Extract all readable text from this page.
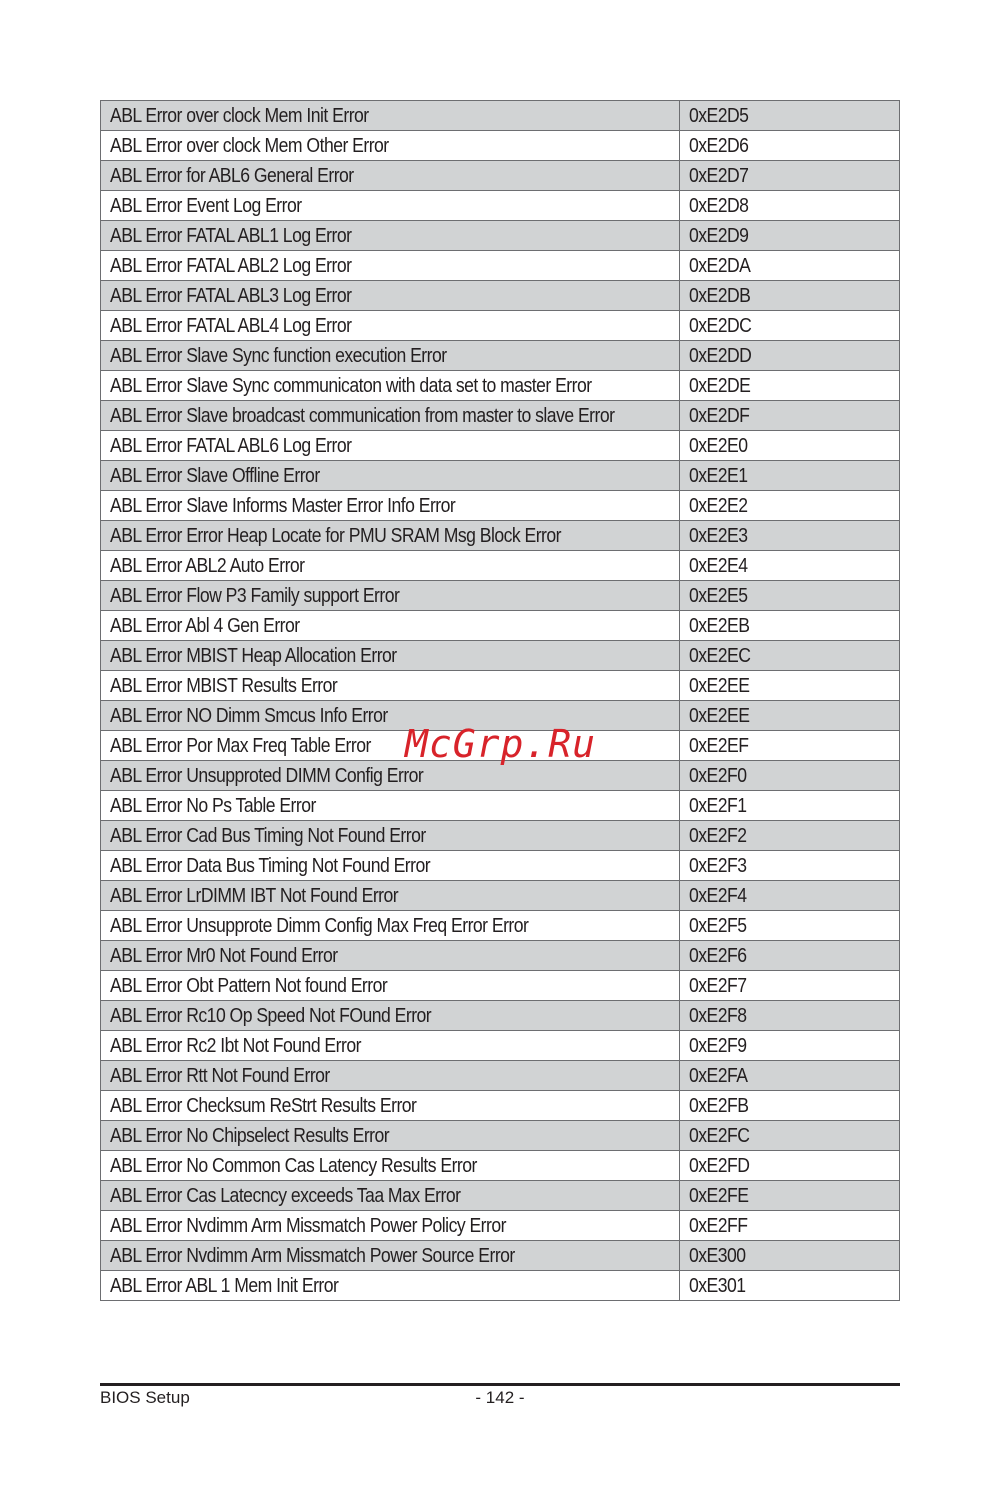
ABL Error over clock Mem Init Error	0xE2D5
ABL Error over clock Mem Other Error	0xE2D6
ABL Error for ABL6 General Error	0xE2D7
ABL Error Event Log Error	0xE2D8
ABL Error FATAL ABL1 Log Error	0xE2D9
ABL Error FATAL ABL2 Log Error	0xE2DA
ABL Error FATAL ABL3 Log Error	0xE2DB
ABL Error FATAL ABL4 Log Error	0xE2DC
ABL Error Slave Sync function execution Error	0xE2DD
ABL Error Slave Sync communicaton with data set to master Error	0xE2DE
ABL Error Slave broadcast communication from master to slave Error	0xE2DF
ABL Error FATAL ABL6 Log Error	0xE2E0
ABL Error Slave Offline Error	0xE2E1
ABL Error Slave Informs Master Error Info Error	0xE2E2
ABL Error Error Heap Locate for PMU SRAM Msg Block Error	0xE2E3
ABL Error ABL2 Auto Error	0xE2E4
ABL Error Flow P3 Family support Error	0xE2E5
ABL Error Abl 4 Gen Error	0xE2EB
ABL Error MBIST Heap Allocation Error	0xE2EC
ABL Error MBIST Results Error	0xE2EE
ABL Error NO Dimm Smcus Info Error	0xE2EE
ABL Error Por Max Freq Table Error	0xE2EF
ABL Error Unsupproted DIMM Config Error	0xE2F0
ABL Error No Ps Table Error	0xE2F1
ABL Error Cad Bus Timing Not Found Error	0xE2F2
ABL Error Data Bus Timing Not Found Error	0xE2F3
ABL Error LrDIMM IBT Not Found Error	0xE2F4
ABL Error Unsupprote Dimm Config Max Freq Error Error	0xE2F5
ABL Error Mr0 Not Found Error	0xE2F6
ABL Error Obt Pattern Not found Error	0xE2F7
ABL Error Rc10 Op Speed Not FOund Error	0xE2F8
ABL Error Rc2 Ibt Not Found Error	0xE2F9
ABL Error Rtt Not Found Error	0xE2FA
ABL Error Checksum ReStrt Results Error	0xE2FB
ABL Error No Chipselect Results Error	0xE2FC
ABL Error No Common Cas Latency Results Error	0xE2FD
ABL Error Cas Latecncy exceeds Taa Max Error	0xE2FE
ABL Error Nvdimm Arm Missmatch Power Policy Error	0xE2FF
ABL Error Nvdimm Arm Missmatch Power Source Error	0xE300
ABL Error ABL 1 Mem Init Error	0xE301
McGrp.Ru
BIOS Setup	- 142 -
